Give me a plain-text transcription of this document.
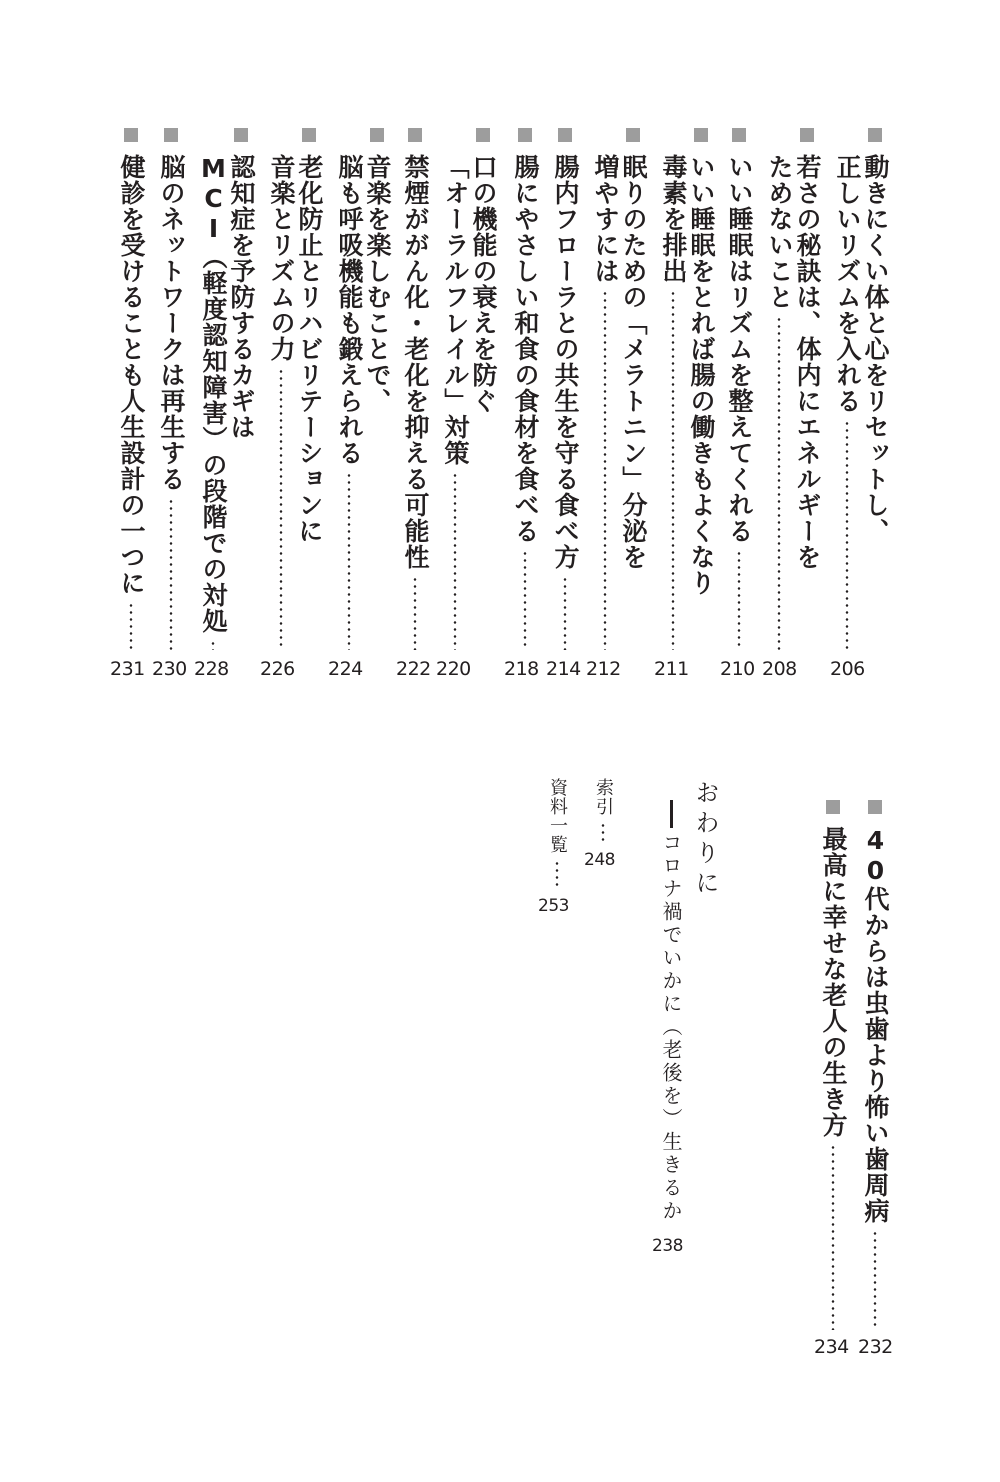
動きにくい体と心をリセットし、
正しいリズムを入れる
206
若さの秘訣は、体内にエネルギーを
ためないこと
208
いい睡眠はリズムを整えてくれる
210
いい睡眠をとれば腸の働きもよくなり
毒素を排出
211
眠りのための「メラトニン」分泌を
増やすには
212
腸内フローラとの共生を守る食べ方
214
腸にやさしい和食の食材を食べる
218
口の機能の衰えを防ぐ
「オーラルフレイル」対策
220
禁煙ががん化・老化を抑える可能性
222
音楽を楽しむことで、
脳も呼吸機能も鍛えられる
224
老化防止とリハビリテーションに
音楽とリズムの力
226
認知症を予防するカギは
MCI（軽度認知障害）の段階での対処
228
脳のネットワークは再生する
230
健診を受けることも人生設計の一つに
231
40代からは虫歯より怖い歯周病
232
最高に幸せな老人の生き方
234
おわりに
コロナ禍でいかに（老後を）生きるか
238
索引
248
資料一覧
253
